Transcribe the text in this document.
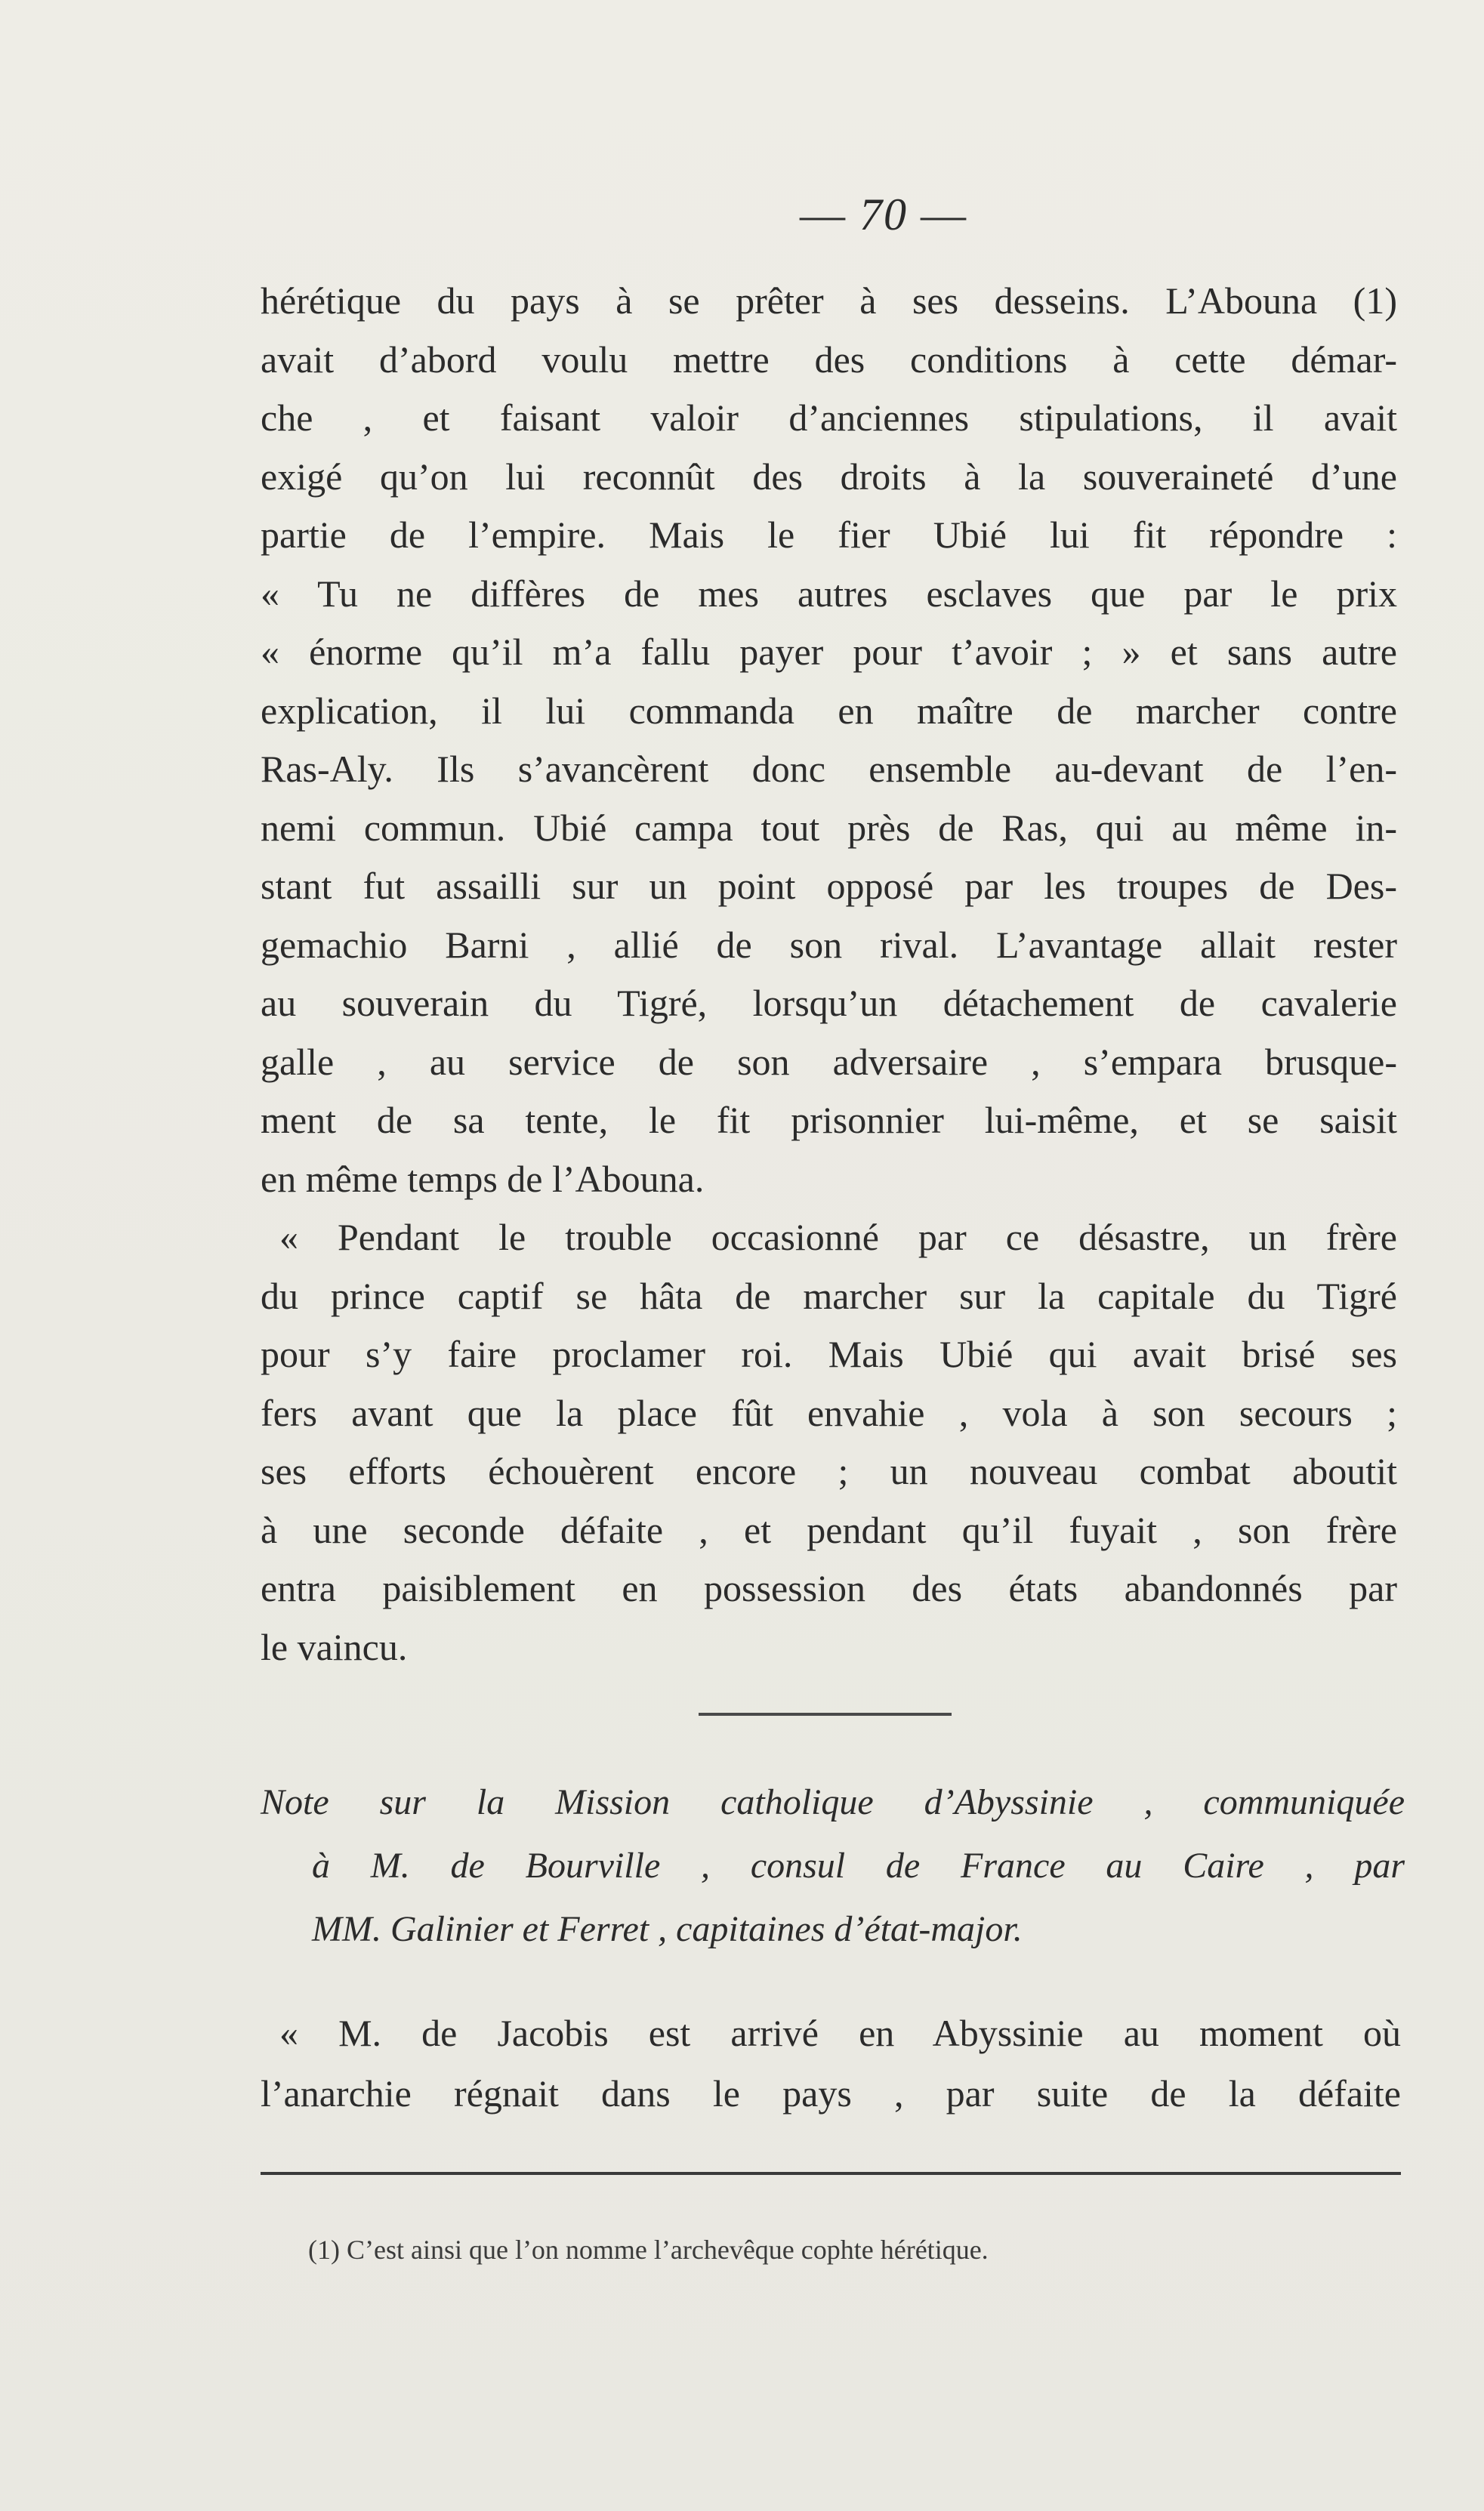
— 70 —
hérétique du pays à se prêter à ses desseins. L’Abouna (1)
avait d’abord voulu mettre des conditions à cette démar-
che , et faisant valoir d’anciennes stipulations, il avait
exigé qu’on lui reconnût des droits à la souveraineté d’une
partie de l’empire. Mais le fier Ubié lui fit répondre :
« Tu ne diffères de mes autres esclaves que par le prix
« énorme qu’il m’a fallu payer pour t’avoir ; » et sans autre
explication, il lui commanda en maître de marcher contre
Ras-Aly. Ils s’avancèrent donc ensemble au-devant de l’en-
nemi commun. Ubié campa tout près de Ras, qui au même in-
stant fut assailli sur un point opposé par les troupes de Des-
gemachio Barni , allié de son rival. L’avantage allait rester
au souverain du Tigré, lorsqu’un détachement de cavalerie
galle , au service de son adversaire , s’empara brusque-
ment de sa tente, le fit prisonnier lui-même, et se saisit
en même temps de l’Abouna.
« Pendant le trouble occasionné par ce désastre, un frère
du prince captif se hâta de marcher sur la capitale du Tigré
pour s’y faire proclamer roi. Mais Ubié qui avait brisé ses
fers avant que la place fût envahie , vola à son secours ;
ses efforts échouèrent encore ; un nouveau combat aboutit
à une seconde défaite , et pendant qu’il fuyait , son frère
entra paisiblement en possession des états abandonnés par
le vaincu.
Note sur la Mission catholique d’Abyssinie , communiquée
à M. de Bourville , consul de France au Caire , par
MM. Galinier et Ferret , capitaines d’état-major.
« M. de Jacobis est arrivé en Abyssinie au moment où
l’anarchie régnait dans le pays , par suite de la défaite
(1) C’est ainsi que l’on nomme l’archevêque cophte hérétique.
